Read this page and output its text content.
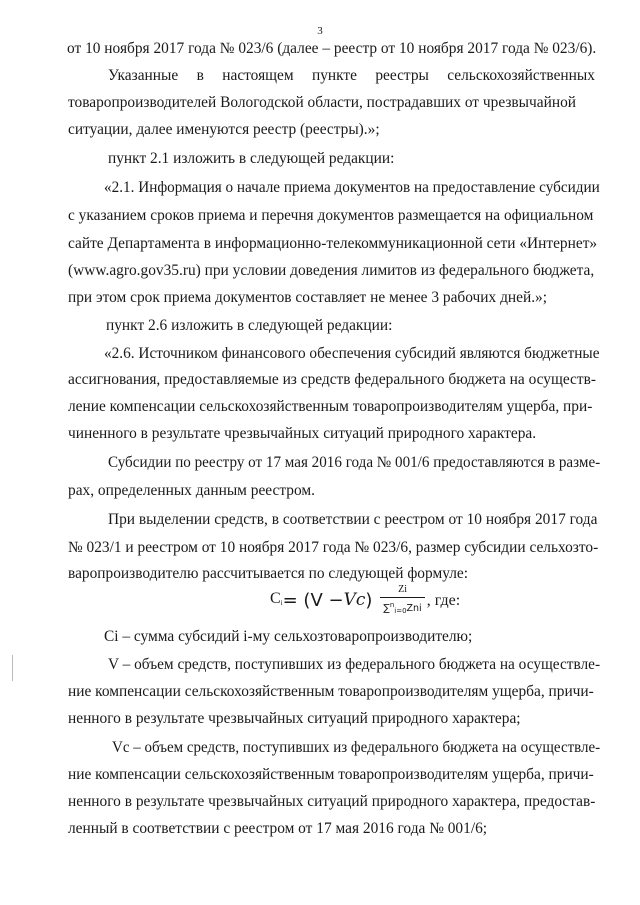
3
от 10 ноября 2017 года № 023/6 (далее – реестр от 10 ноября 2017 года № 023/6).
Указанные в настоящем пункте реестры сельскохозяйственных
товаропроизводителей Вологодской области, пострадавших от чрезвычайной
ситуации, далее именуются реестр (реестры).»;
пункт 2.1 изложить в следующей редакции:
«2.1. Информация о начале приема документов на предоставление субсидии
с указанием сроков приема и перечня документов размещается на официальном
сайте Департамента в информационно-телекоммуникационной сети «Интернет»
(www.agro.gov35.ru) при условии доведения лимитов из федерального бюджета,
при этом срок приема документов составляет не менее 3 рабочих дней.»;
пункт 2.6 изложить в следующей редакции:
«2.6. Источником финансового обеспечения субсидий являются бюджетные
ассигнования, предоставляемые из средств федерального бюджета на осуществ-
ление компенсации сельскохозяйственным товаропроизводителям ущерба, при-
чиненного в результате чрезвычайных ситуаций природного характера.
Субсидии по реестру от 17 мая 2016 года № 001/6 предоставляются в разме-
рах, определенных данным реестром.
При выделении средств, в соответствии с реестром от 10 ноября 2017 года
№ 023/1 и реестром от 10 ноября 2017 года № 023/6, размер субсидии сельхозто-
варопроизводителю рассчитывается по следующей формуле:
$C_i = (V - Vc$ ) $\frac{Zi}{\sum^n_{i=0}Zni}$ , где:
Ci – сумма субсидий i-му сельхозтоваропроизводителю;
V – объем средств, поступивших из федерального бюджета на осуществле-
ние компенсации сельскохозяйственным товаропроизводителям ущерба, причи-
ненного в результате чрезвычайных ситуаций природного характера;
Vc – объем средств, поступивших из федерального бюджета на осуществле-
ние компенсации сельскохозяйственным товаропроизводителям ущерба, причи-
ненного в результате чрезвычайных ситуаций природного характера, предостав-
ленный в соответствии с реестром от 17 мая 2016 года № 001/6;
